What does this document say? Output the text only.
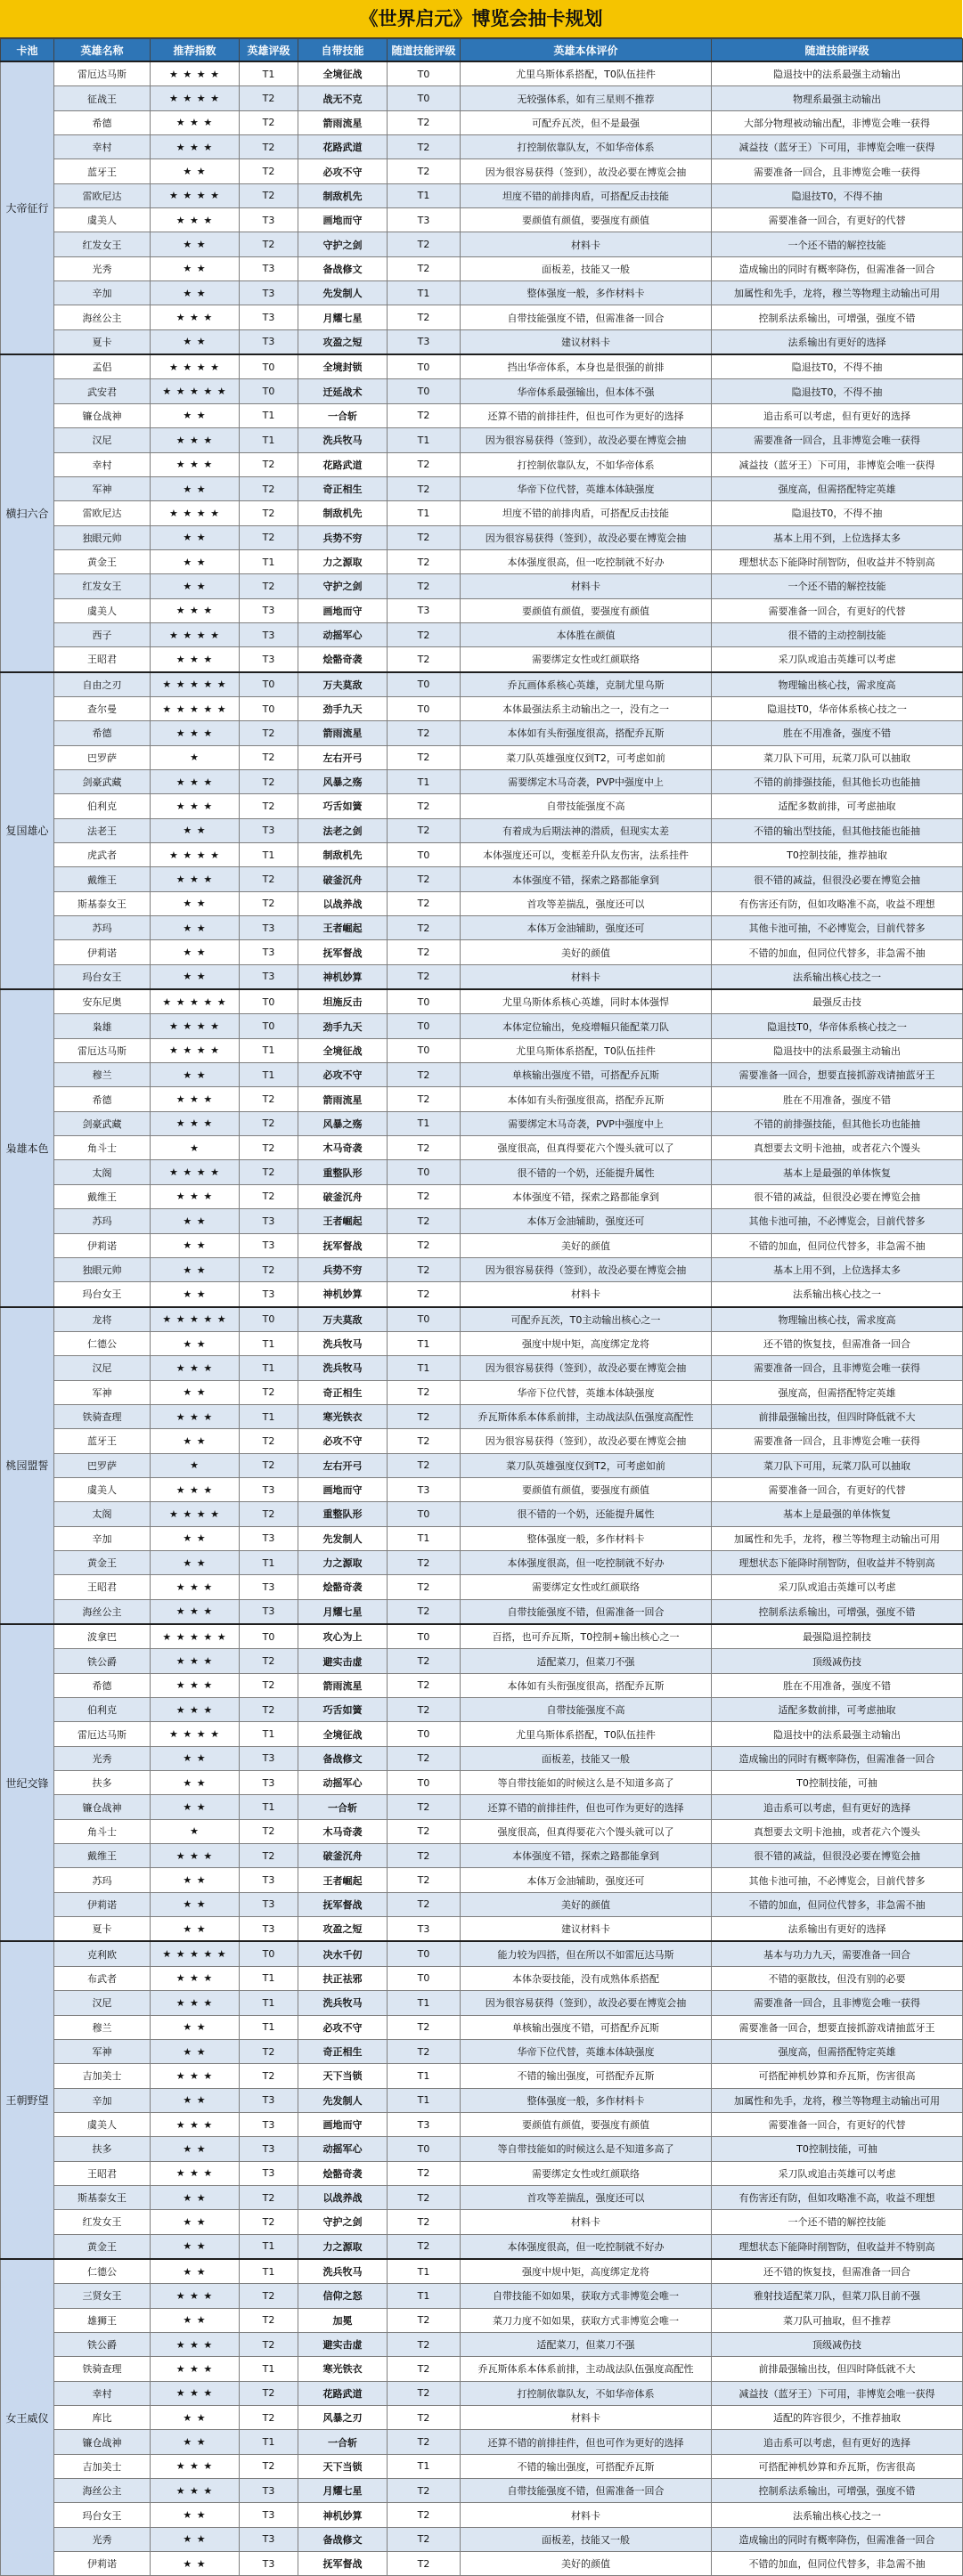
《世界启元》博览会抽卡规划
卡池	英雄名称	推荐指数	英雄评级	自带技能	随道技能评级	英雄本体评价	随道技能评级
大帝征行	雷厄达马斯	★ ★ ★ ★	T1	全境征战	T0	尤里乌斯体系搭配，T0队伍挂件	隐退技中的法系最强主动输出
	征战王	★ ★ ★ ★	T2	战无不克	T0	无较强体系，如有三星则不推荐	物理系最强主动输出
	希德	★ ★ ★	T2	箭雨流星	T2	可配乔瓦茨，但不是最强	大部分物理被动输出配，非博览会唯一获得
	幸村	★ ★ ★	T2	花路武道	T2	打控制依靠队友，不如华帝体系	减益技（蓝牙王）下可用，非博览会唯一获得
	蓝牙王	★ ★	T2	必攻不守	T2	因为很容易获得（签到），故没必要在博览会抽	需要准备一回合，且非博览会唯一获得
	雷欧尼达	★ ★ ★ ★	T2	制敌机先	T1	坦度不错的前排肉盾，可搭配反击技能	隐退技T0，不得不抽
	虞美人	★ ★ ★	T3	画地而守	T3	要颜值有颜值，要强度有颜值	需要准备一回合，有更好的代替
	红发女王	★ ★	T2	守护之剑	T2	材料卡	一个还不错的解控技能
	光秀	★ ★	T3	备战修文	T2	面板差，技能又一般	造成输出的同时有概率降伤，但需准备一回合
	辛加	★ ★	T3	先发制人	T1	整体强度一般，多作材料卡	加属性和先手，龙将，穆兰等物理主动输出可用
	海丝公主	★ ★ ★	T3	月耀七星	T2	自带技能强度不错，但需准备一回合	控制系法系输出，可增强，强度不错
	夏卡	★ ★	T3	攻盈之短	T3	建议材料卡	法系输出有更好的选择
横扫六合	孟侣	★ ★ ★ ★	T0	全境封锁	T0	挡出华帝体系，本身也是很强的前排	隐退技T0，不得不抽
	武安君	★ ★ ★ ★ ★	T0	迁延战术	T0	华帝体系最强输出，但本体不强	隐退技T0，不得不抽
	镰仓战神	★ ★	T1	一合斩	T2	还算不错的前排挂件，但也可作为更好的选择	追击系可以考虑，但有更好的选择
	汉尼	★ ★ ★	T1	洗兵牧马	T1	因为很容易获得（签到），故没必要在博览会抽	需要准备一回合，且非博览会唯一获得
	幸村	★ ★ ★	T2	花路武道	T2	打控制依靠队友，不如华帝体系	减益技（蓝牙王）下可用，非博览会唯一获得
	军神	★ ★	T2	奇正相生	T2	华帝下位代替，英雄本体缺强度	强度高，但需搭配特定英雄
	雷欧尼达	★ ★ ★ ★	T2	制敌机先	T1	坦度不错的前排肉盾，可搭配反击技能	隐退技T0，不得不抽
	独眼元帅	★ ★	T2	兵势不穷	T2	因为很容易获得（签到），故没必要在博览会抽	基本上用不到，上位选择太多
	黄金王	★ ★	T1	力之源取	T2	本体强度很高，但一吃控制就不好办	理想状态下能降时削智防，但收益并不特别高
	红发女王	★ ★	T2	守护之剑	T2	材料卡	一个还不错的解控技能
	虞美人	★ ★ ★	T3	画地而守	T3	要颜值有颜值，要强度有颜值	需要准备一回合，有更好的代替
	西子	★ ★ ★ ★	T3	动摇军心	T2	本体胜在颜值	很不错的主动控制技能
	王昭君	★ ★ ★	T3	烩骼奇袭	T2	需要绑定女性或红颜联络	采刀队或追击英雄可以考虑
复国雄心	自由之刃	★ ★ ★ ★ ★	T0	万夫莫敌	T0	乔瓦画体系核心英雄，克制尤里乌斯	物理输出核心技，需求度高
	查尔曼	★ ★ ★ ★ ★	T0	劲手九天	T0	本体最强法系主动输出之一，没有之一	隐退技T0，华帝体系核心技之一
	希德	★ ★ ★	T2	箭雨流星	T2	本体如有头衔强度很高，搭配乔瓦斯	胜在不用准备，强度不错
	巴罗萨	★	T2	左右开弓	T2	菜刀队英雄强度仅到T2，可考虑如前	菜刀队下可用，玩菜刀队可以抽取
	剑豪武藏	★ ★ ★	T2	风暴之殇	T1	需要绑定木马奇袭，PVP中强度中上	不错的前排强技能，但其他长功也能抽
	伯利克	★ ★ ★	T2	巧舌如簧	T2	自带技能强度不高	适配多数前排，可考虑抽取
	法老王	★ ★	T3	法老之剑	T2	有着成为后期法神的潜质，但现实太差	不错的输出型技能，但其他技能也能抽
	虎武者	★ ★ ★ ★	T1	制敌机先	T0	本体强度还可以，变框差升队友伤害，法系挂件	T0控制技能，推荐抽取
	戴维王	★ ★ ★	T2	破釜沉舟	T2	本体强度不错，探索之路都能拿到	很不错的减益，但很没必要在博览会抽
	斯基泰女王	★ ★	T2	以战养战	T2	首攻等差揣乱，强度还可以	有伤害还有防，但如攻略准不高，收益不理想
	苏玛	★ ★	T3	王者崛起	T2	本体万金油辅助，强度还可	其他卡池可抽，不必博览会，目前代替多
	伊莉诺	★ ★	T3	抚军督战	T2	美好的颜值	不错的加血，但同位代替多，非急需不抽
	玛台女王	★ ★	T3	神机妙算	T2	材料卡	法系输出核心技之一
枭雄本色	安东尼奥	★ ★ ★ ★ ★	T0	坦施反击	T0	尤里乌斯体系核心英雄，同时本体强悍	最强反击技
	枭雄	★ ★ ★ ★	T0	劲手九天	T0	本体定位输出，免疫增幅只能配菜刀队	隐退技T0，华帝体系核心技之一
	雷厄达马斯	★ ★ ★ ★	T1	全境征战	T0	尤里乌斯体系搭配，T0队伍挂件	隐退技中的法系最强主动输出
	穆兰	★ ★	T1	必攻不守	T2	单核输出强度不错，可搭配乔瓦斯	需要准备一回合，想要直接抓游戏请抽蓝牙王
	希德	★ ★ ★	T2	箭雨流星	T2	本体如有头衔强度很高，搭配乔瓦斯	胜在不用准备，强度不错
	剑豪武藏	★ ★ ★	T2	风暴之殇	T1	需要绑定木马奇袭，PVP中强度中上	不错的前排强技能，但其他长功也能抽
	角斗士	★	T2	木马奇袭	T2	强度很高，但真得要花六个馒头就可以了	真想要去文明卡池抽，或者花六个馒头
	太阁	★ ★ ★ ★	T2	重整队形	T0	很不错的一个奶，还能提升属性	基本上是最强的单体恢复
	戴维王	★ ★ ★	T2	破釜沉舟	T2	本体强度不错，探索之路都能拿到	很不错的减益，但很没必要在博览会抽
	苏玛	★ ★	T3	王者崛起	T2	本体万金油辅助，强度还可	其他卡池可抽，不必博览会，目前代替多
	伊莉诺	★ ★	T3	抚军督战	T2	美好的颜值	不错的加血，但同位代替多，非急需不抽
	独眼元帅	★ ★	T2	兵势不穷	T2	因为很容易获得（签到），故没必要在博览会抽	基本上用不到，上位选择太多
	玛台女王	★ ★	T3	神机妙算	T2	材料卡	法系输出核心技之一
桃园盟誓	龙将	★ ★ ★ ★ ★	T0	万夫莫敌	T0	可配乔瓦茨，T0主动输出核心之一	物理输出核心技，需求度高
	仁德公	★ ★	T1	洗兵牧马	T1	强度中规中矩，高度绑定龙将	还不错的恢复技，但需准备一回合
	汉尼	★ ★ ★	T1	洗兵牧马	T1	因为很容易获得（签到），故没必要在博览会抽	需要准备一回合，且非博览会唯一获得
	军神	★ ★	T2	奇正相生	T2	华帝下位代替，英雄本体缺强度	强度高，但需搭配特定英雄
	铁骑查理	★ ★ ★	T1	寒光铁衣	T2	乔瓦斯体系本体系前排，主动战法队伍强度高配性	前排最强输出技，但四时降低就不大
	蓝牙王	★ ★	T2	必攻不守	T2	因为很容易获得（签到），故没必要在博览会抽	需要准备一回合，且非博览会唯一获得
	巴罗萨	★	T2	左右开弓	T2	菜刀队英雄强度仅到T2，可考虑如前	菜刀队下可用，玩菜刀队可以抽取
	虞美人	★ ★ ★	T3	画地而守	T3	要颜值有颜值，要强度有颜值	需要准备一回合，有更好的代替
	太阁	★ ★ ★ ★	T2	重整队形	T0	很不错的一个奶，还能提升属性	基本上是最强的单体恢复
	辛加	★ ★	T3	先发制人	T1	整体强度一般，多作材料卡	加属性和先手，龙将，穆兰等物理主动输出可用
	黄金王	★ ★	T1	力之源取	T2	本体强度很高，但一吃控制就不好办	理想状态下能降时削智防，但收益并不特别高
	王昭君	★ ★ ★	T3	烩骼奇袭	T2	需要绑定女性或红颜联络	采刀队或追击英雄可以考虑
	海丝公主	★ ★ ★	T3	月耀七星	T2	自带技能强度不错，但需准备一回合	控制系法系输出，可增强，强度不错
世纪交锋	波拿巴	★ ★ ★ ★ ★	T0	攻心为上	T0	百搭，也可乔瓦斯，T0控制+输出核心之一	最强隐退控制技
	铁公爵	★ ★ ★	T2	避实击虚	T2	适配菜刀，但菜刀不强	顶级减伤技
	希德	★ ★ ★	T2	箭雨流星	T2	本体如有头衔强度很高，搭配乔瓦斯	胜在不用准备，强度不错
	伯利克	★ ★ ★	T2	巧舌如簧	T2	自带技能强度不高	适配多数前排，可考虑抽取
	雷厄达马斯	★ ★ ★ ★	T1	全境征战	T0	尤里乌斯体系搭配，T0队伍挂件	隐退技中的法系最强主动输出
	光秀	★ ★	T3	备战修文	T2	面板差，技能又一般	造成输出的同时有概率降伤，但需准备一回合
	扶多	★ ★	T3	动摇军心	T0	等自带技能如的时候这么是不知道多高了	T0控制技能，可抽
	镰仓战神	★ ★	T1	一合斩	T2	还算不错的前排挂件，但也可作为更好的选择	追击系可以考虑，但有更好的选择
	角斗士	★	T2	木马奇袭	T2	强度很高，但真得要花六个馒头就可以了	真想要去文明卡池抽，或者花六个馒头
	戴维王	★ ★ ★	T2	破釜沉舟	T2	本体强度不错，探索之路都能拿到	很不错的减益，但很没必要在博览会抽
	苏玛	★ ★	T3	王者崛起	T2	本体万金油辅助，强度还可	其他卡池可抽，不必博览会，目前代替多
	伊莉诺	★ ★	T3	抚军督战	T2	美好的颜值	不错的加血，但同位代替多，非急需不抽
	夏卡	★ ★	T3	攻盈之短	T3	建议材料卡	法系输出有更好的选择
王朝野望	克利欧	★ ★ ★ ★ ★	T0	决水千仞	T0	能力较为四搭，但在所以不如雷厄达马斯	基本与功力九天，需要准备一回合
	布武者	★ ★ ★	T1	扶正祛邪	T0	本体杂耍技能，没有成熟体系搭配	不错的驱散技，但没有别的必要
	汉尼	★ ★ ★	T1	洗兵牧马	T1	因为很容易获得（签到），故没必要在博览会抽	需要准备一回合，且非博览会唯一获得
	穆兰	★ ★	T1	必攻不守	T2	单核输出强度不错，可搭配乔瓦斯	需要准备一回合，想要直接抓游戏请抽蓝牙王
	军神	★ ★	T2	奇正相生	T2	华帝下位代替，英雄本体缺强度	强度高，但需搭配特定英雄
	吉加美士	★ ★ ★	T2	天下当锁	T1	不错的输出强度，可搭配乔瓦斯	可搭配神机妙算和乔瓦斯，伤害很高
	辛加	★ ★	T3	先发制人	T1	整体强度一般，多作材料卡	加属性和先手，龙将，穆兰等物理主动输出可用
	虞美人	★ ★ ★	T3	画地而守	T3	要颜值有颜值，要强度有颜值	需要准备一回合，有更好的代替
	扶多	★ ★	T3	动摇军心	T0	等自带技能如的时候这么是不知道多高了	T0控制技能，可抽
	王昭君	★ ★ ★	T3	烩骼奇袭	T2	需要绑定女性或红颜联络	采刀队或追击英雄可以考虑
	斯基泰女王	★ ★	T2	以战养战	T2	首攻等差揣乱，强度还可以	有伤害还有防，但如攻略准不高，收益不理想
	红发女王	★ ★	T2	守护之剑	T2	材料卡	一个还不错的解控技能
	黄金王	★ ★	T1	力之源取	T2	本体强度很高，但一吃控制就不好办	理想状态下能降时削智防，但收益并不特别高
女王威仪	仁德公	★ ★	T1	洗兵牧马	T1	强度中规中矩，高度绑定龙将	还不错的恢复技，但需准备一回合
	三贤女王	★ ★ ★	T2	信仰之怒	T1	自带技能不如如果，获取方式非博览会唯一	雅射技适配菜刀队，但菜刀队目前不强
	雄狮王	★ ★	T2	加冕	T2	菜刀力度不如如果，获取方式非博览会唯一	菜刀队可抽取，但不推荐
	铁公爵	★ ★ ★	T2	避实击虚	T2	适配菜刀，但菜刀不强	顶级减伤技
	铁骑查理	★ ★ ★	T1	寒光铁衣	T2	乔瓦斯体系本体系前排，主动战法队伍强度高配性	前排最强输出技，但四时降低就不大
	幸村	★ ★ ★	T2	花路武道	T2	打控制依靠队友，不如华帝体系	减益技（蓝牙王）下可用，非博览会唯一获得
	库比	★ ★	T2	风暴之刃	T2	材料卡	适配的阵容很少，不推荐抽取
	镰仓战神	★ ★	T1	一合斩	T2	还算不错的前排挂件，但也可作为更好的选择	追击系可以考虑，但有更好的选择
	吉加美士	★ ★ ★	T2	天下当锁	T1	不错的输出强度，可搭配乔瓦斯	可搭配神机妙算和乔瓦斯，伤害很高
	海丝公主	★ ★ ★	T3	月耀七星	T2	自带技能强度不错，但需准备一回合	控制系法系输出，可增强，强度不错
	玛台女王	★ ★	T3	神机妙算	T2	材料卡	法系输出核心技之一
	光秀	★ ★	T3	备战修文	T2	面板差，技能又一般	造成输出的同时有概率降伤，但需准备一回合
	伊莉诺	★ ★	T3	抚军督战	T2	美好的颜值	不错的加血，但同位代替多，非急需不抽
